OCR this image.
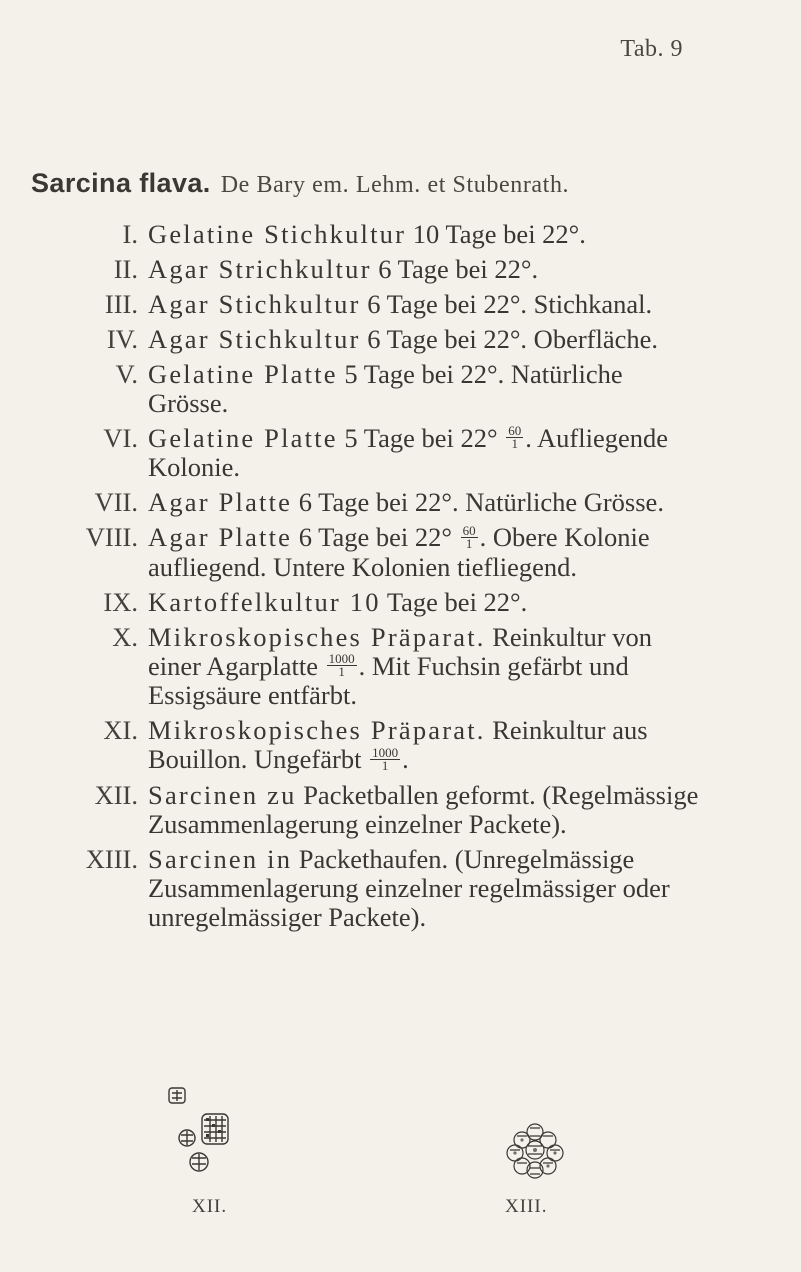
Tab. 9
Sarcina flava. De Bary em. Lehm. et Stubenrath.
I. Gelatine Stichkultur 10 Tage bei 22°.
II. Agar Strichkultur 6 Tage bei 22°.
III. Agar Stichkultur 6 Tage bei 22°. Stichkanal.
IV. Agar Stichkultur 6 Tage bei 22°. Oberfläche.
V. Gelatine Platte 5 Tage bei 22°. Natürliche Grösse.
VI. Gelatine Platte 5 Tage bei $22^\circ \frac{60}{1}$ . Aufliegende Kolonie.
VII. Agar Platte 6 Tage bei 22°. Natürliche Grösse.
VIII. Agar Platte 6 Tage bei $22^\circ \frac{60}{1}$ . Obere Kolonie aufliegend. Untere Kolonien tiefliegend.
IX. Kartoffelkultur 10 Tage bei 22°.
X. Mikroskopisches Präparat. Reinkultur von einer Agarplatte $\frac{1000}{1}$ . Mit Fuchsin gefärbt und Essigsäure entfärbt.
XI. Mikroskopisches Präparat. Reinkultur aus Bouillon. Ungefärbt $\frac{1000}{1}$ .
XII. Sarcinen zu Packetballen geformt. (Regelmässige Zusammenlagerung einzelner Packete).
XIII. Sarcinen in Packethaufen. (Unregelmässige Zusammenlagerung einzelner regelmässiger oder unregelmässiger Packete).
XII.	XIII.
